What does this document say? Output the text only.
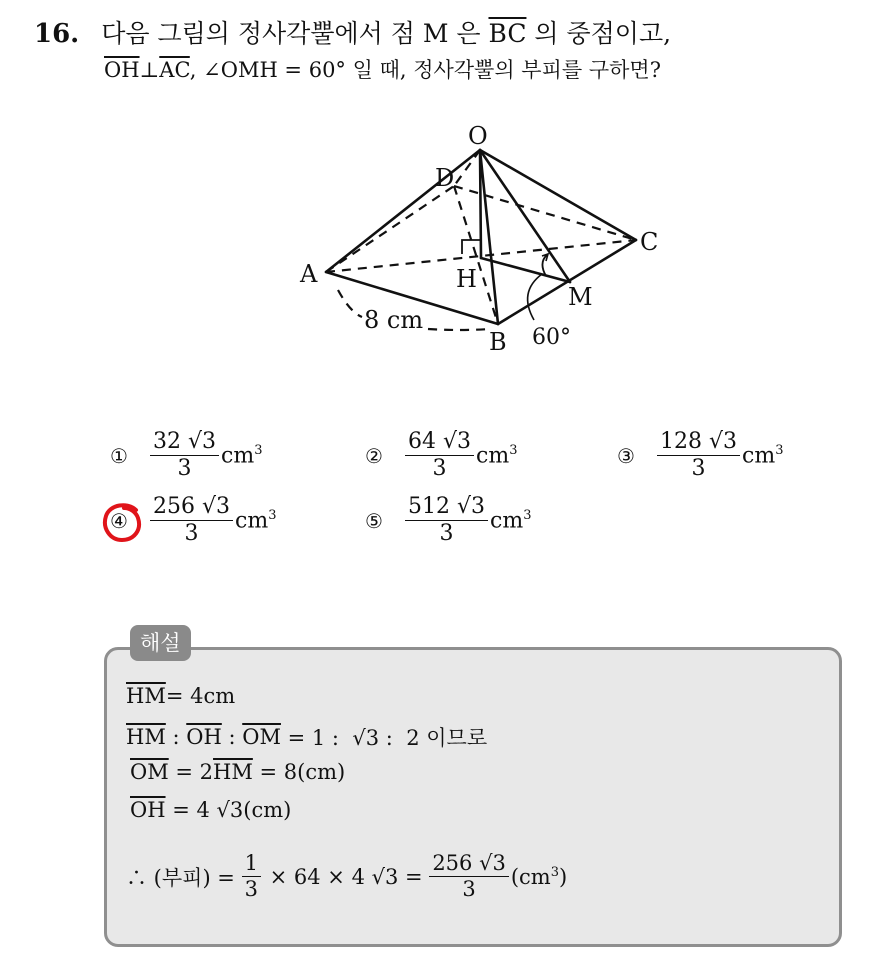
16. 다음 그림의 정사각뿔에서 점 M 은 $\overline{BC}$ 의 중점이고,
$\overline{OH}\perp\overline{AC}$, ∠OMH = 60° 일 때, 정사각뿔의 부피를 구하면?
O
D
C
A	H
M
B
8 cm
60°
①	$\frac{32 √3}{3} cm^3$	②	$\frac{64 √3}{3} cm^3$	③	$\frac{128 √3}{3} cm^3$
④	$\frac{256 √3}{3} cm^3$	⑤	$\frac{512 √3}{3} cm^3$
해설
$\overline{HM} = 4cm$
$\overline{HM}$ : $\overline{OH}$ : $\overline{OM} = 1$ :  √3 :  2 이므로
$\overline{OM} = 2$ $\overline{HM} = 8(cm)$
$\overline{OH} = 4$ √3(cm)
∴ (부피) = $\frac{1}{3} \times 64 \times 4$ $√3 = \frac{256 √3}{3} (cm^3)$
